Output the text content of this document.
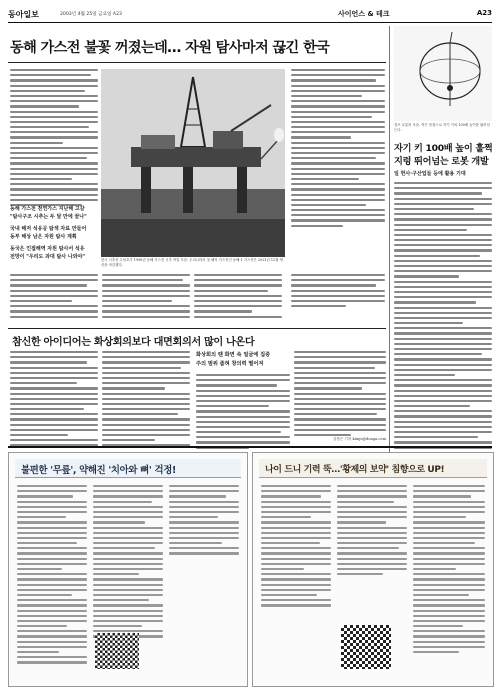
동아일보	2003년 4월 25일 금요일 A23	사이언스 & 테크	A23
동해 가스전 불꽃 꺼졌는데… 자원 탐사마저 끊긴 한국
동해 가스전 천연가스 지난해 고갈
"탐사구조 시추는 두 달 만에 끝나"
국내 해저 석유공 탐색 자료 만들어
동부 해상 남은 자원 탐사 계획
동국은 인접해역 자원 탐사서 석유
전망이 "우리도 과대 탐사 나와야"	한국 시추선 두성호가 1998년 동해 가스전 시추 작업 모습. 우리나라의 첫 해저 가스전인 동해-1 가스전은 2021년 12월 생산을 마감했다.
점프 로봇의 모습. 작은 몸집으로 자기 키의 100배 높이를 뛰어넘는다.
자기 키 100배 높이 훌쩍
지렁 뛰어넘는 로봇 개발
일 헌사·구산업들 등에 활용 기대
참신한 아이디어는 화상회의보다 대면회의서 많이 나온다
화상회의 땐 화면 속 얼굴에 집중
주의 범위 좁혀 창의력 떨어져
김정은 기자 kimje@donga.com
불편한 '무릎', 약해진 '치아와 뼈' 걱정!	나이 드니 기력 뚝…'황제의 보약' 침향으로 UP!
